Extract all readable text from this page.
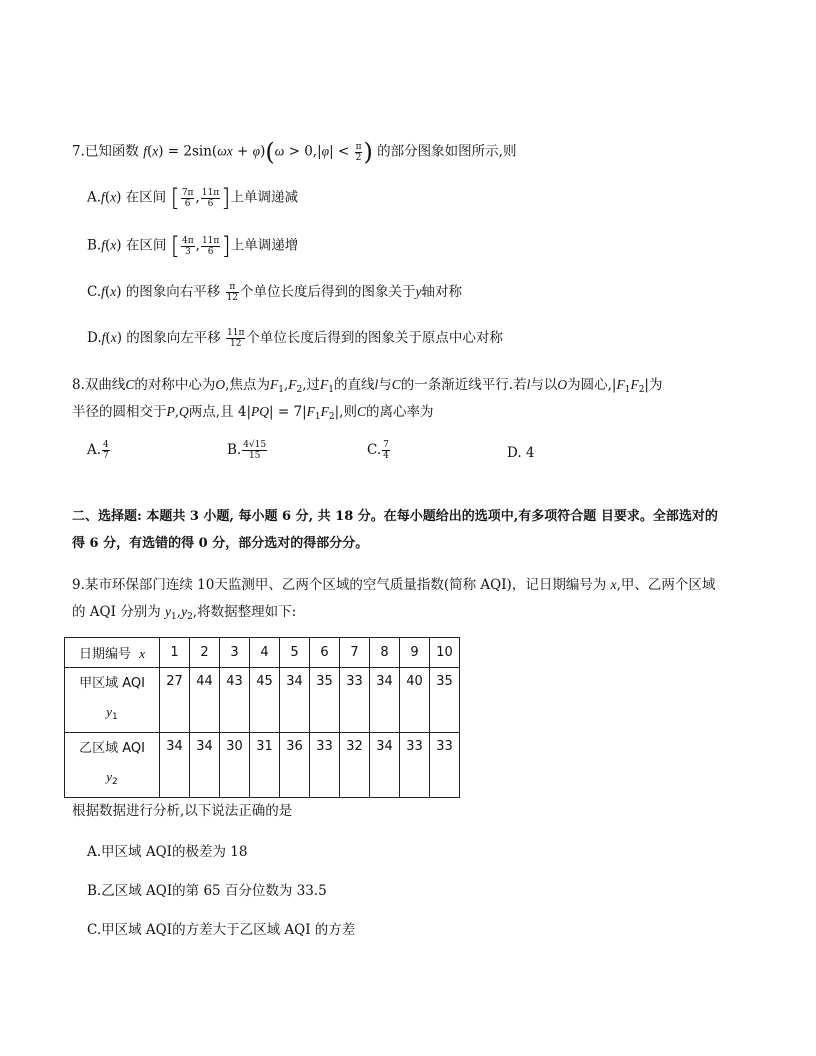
7.已知函数 $f(x) = 2\sin(\omega x + \varphi)(\omega > 0,|\varphi| < \frac{\pi}{2}$ ) 的部分图象如图所示,则
A.f(x) 在区间 [ $\frac{7\pi}{6}$ , $\frac{11\pi}{6}$ ]上单调递减
B.f(x) 在区间 [ $\frac{4\pi}{3}$ , $\frac{11\pi}{6}$ ]上单调递增
C.f(x) 的图象向右平移 $\frac{\pi}{12}$ 个单位长度后得到的图象关于y轴对称
D.f(x) 的图象向左平移 $\frac{11\pi}{12}$ 个单位长度后得到的图象关于原点中心对称
8.双曲线C的对称中心为O,焦点为$F_1,F_2$,过$F_1$的直线l与C的一条渐近线平行.若l与以O为圆心$,|F_1F_2|$为
半径的圆相交于P,Q两点,且 $4|PQ| = 7|F_1F_2|$,则C的离心率为
A. $\frac{4}{7}$	B. $\frac{4√15}{15}$	C. $\frac{7}{4}$	D. 4
二、选择题: 本题共 3 小题, 每小题 6 分, 共 18 分。在每小题给出的选项中,有多项符合题 目要求。全部选对的
得 6 分，有选错的得 0 分，部分选对的得部分分。
9.某市环保部门连续 10天监测甲、乙两个区域的空气质量指数(简称 AQI)，记日期编号为 x,甲、乙两个区域
的 AQI 分别为 $y_1,y_2$,将数据整理如下:
日期编号 x	1	2	3	4	5	6	7	8	9	10
甲区域 AQI
$y_1$	27	44	43	45	34	35	33	34	40	35
乙区域 AQI
$y_2$	34	34	30	31	36	33	32	34	33	33
根据数据进行分析,以下说法正确的是
A.甲区域 AQI的极差为 18
B.乙区域 AQI的第 65 百分位数为 33.5
C.甲区域 AQI的方差大于乙区域 AQI 的方差
